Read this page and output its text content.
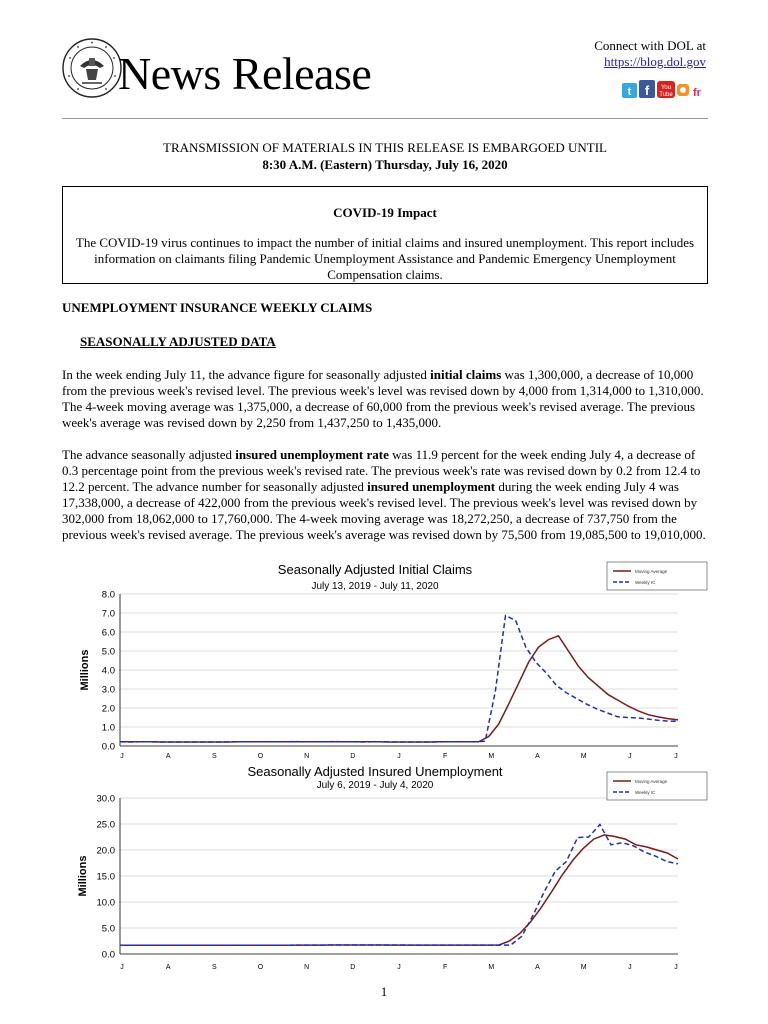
News Release
Connect with DOL at
https://blog.dol.gov
t f You
Tube fr
TRANSMISSION OF MATERIALS IN THIS RELEASE IS EMBARGOED UNTIL
8:30 A.M. (Eastern) Thursday, July 16, 2020
COVID-19 Impact
The COVID-19 virus continues to impact the number of initial claims and insured unemployment. This report includes information on claimants filing Pandemic Unemployment Assistance and Pandemic Emergency Unemployment Compensation claims.
UNEMPLOYMENT INSURANCE WEEKLY CLAIMS
SEASONALLY ADJUSTED DATA
In the week ending July 11, the advance figure for seasonally adjusted initial claims was 1,300,000, a decrease of 10,000 from the previous week's revised level. The previous week's level was revised down by 4,000 from 1,314,000 to 1,310,000. The 4-week moving average was 1,375,000, a decrease of 60,000 from the previous week's revised average. The previous week's average was revised down by 2,250 from 1,437,250 to 1,435,000.
The advance seasonally adjusted insured unemployment rate was 11.9 percent for the week ending July 4, a decrease of 0.3 percentage point from the previous week's revised rate. The previous week's rate was revised down by 0.2 from 12.4 to 12.2 percent. The advance number for seasonally adjusted insured unemployment during the week ending July 4 was 17,338,000, a decrease of 422,000 from the previous week's revised level. The previous week's level was revised down by 302,000 from 18,062,000 to 17,760,000. The 4-week moving average was 18,272,250, a decrease of 737,750 from the previous week's revised average. The previous week's average was revised down by 75,500 from 19,085,500 to 19,010,000.
Seasonally Adjusted Initial Claims
July 13, 2019 - July 11, 2020
Millions
0.0
1.0
2.0
3.0
4.0
5.0
6.0
7.0
8.0
J	A	S	O	N	D	J	F	M	A	M	J	J
Moving Average
Weekly IC
Seasonally Adjusted Insured Unemployment
July 6, 2019 - July 4, 2020
Millions
0.0
5.0
10.0
15.0
20.0
25.0
30.0
J	A	S	O	N	D	J	F	M	A	M	J	J
Moving Average
Weekly IC
1
